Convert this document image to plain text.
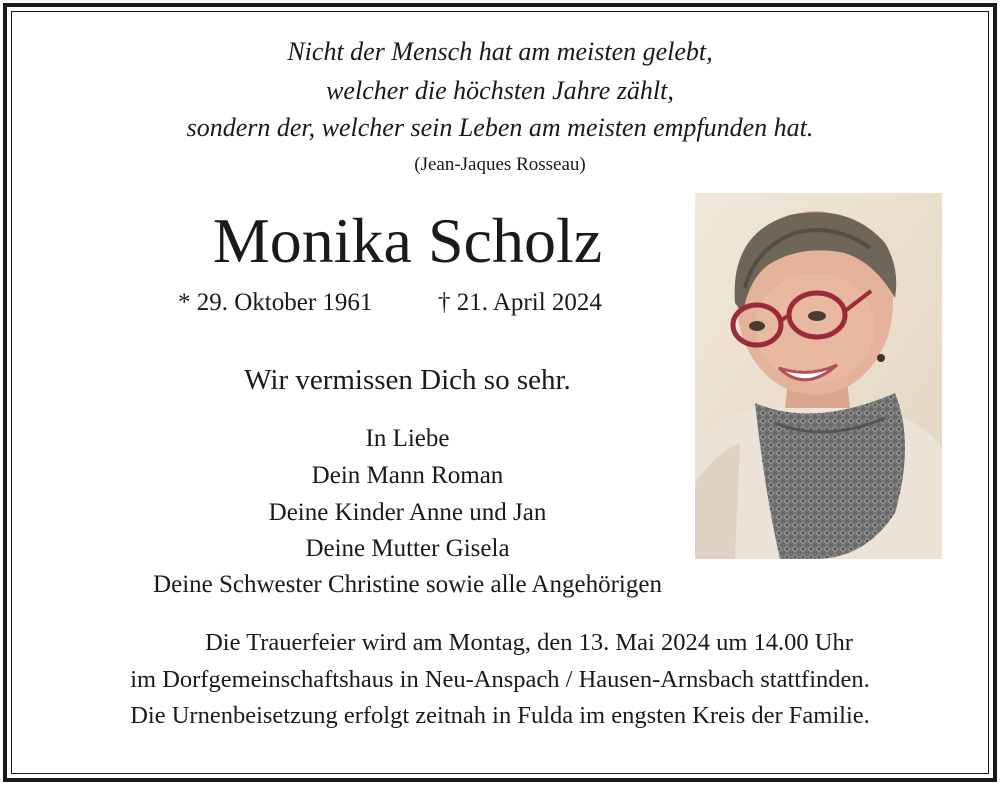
Nicht der Mensch hat am meisten gelebt,
welcher die höchsten Jahre zählt,
sondern der, welcher sein Leben am meisten empfunden hat.
(Jean-Jaques Rosseau)
Monika Scholz
* 29. Oktober 1961	† 21. April 2024
Wir vermissen Dich so sehr.
In Liebe
Dein Mann Roman
Deine Kinder Anne und Jan
Deine Mutter Gisela
Deine Schwester Christine sowie alle Angehörigen
Die Trauerfeier wird am Montag, den 13. Mai 2024 um 14.00 Uhr
im Dorfgemeinschaftshaus in Neu-Anspach / Hausen-Arnsbach stattfinden.
Die Urnenbeisetzung erfolgt zeitnah in Fulda im engsten Kreis der Familie.
